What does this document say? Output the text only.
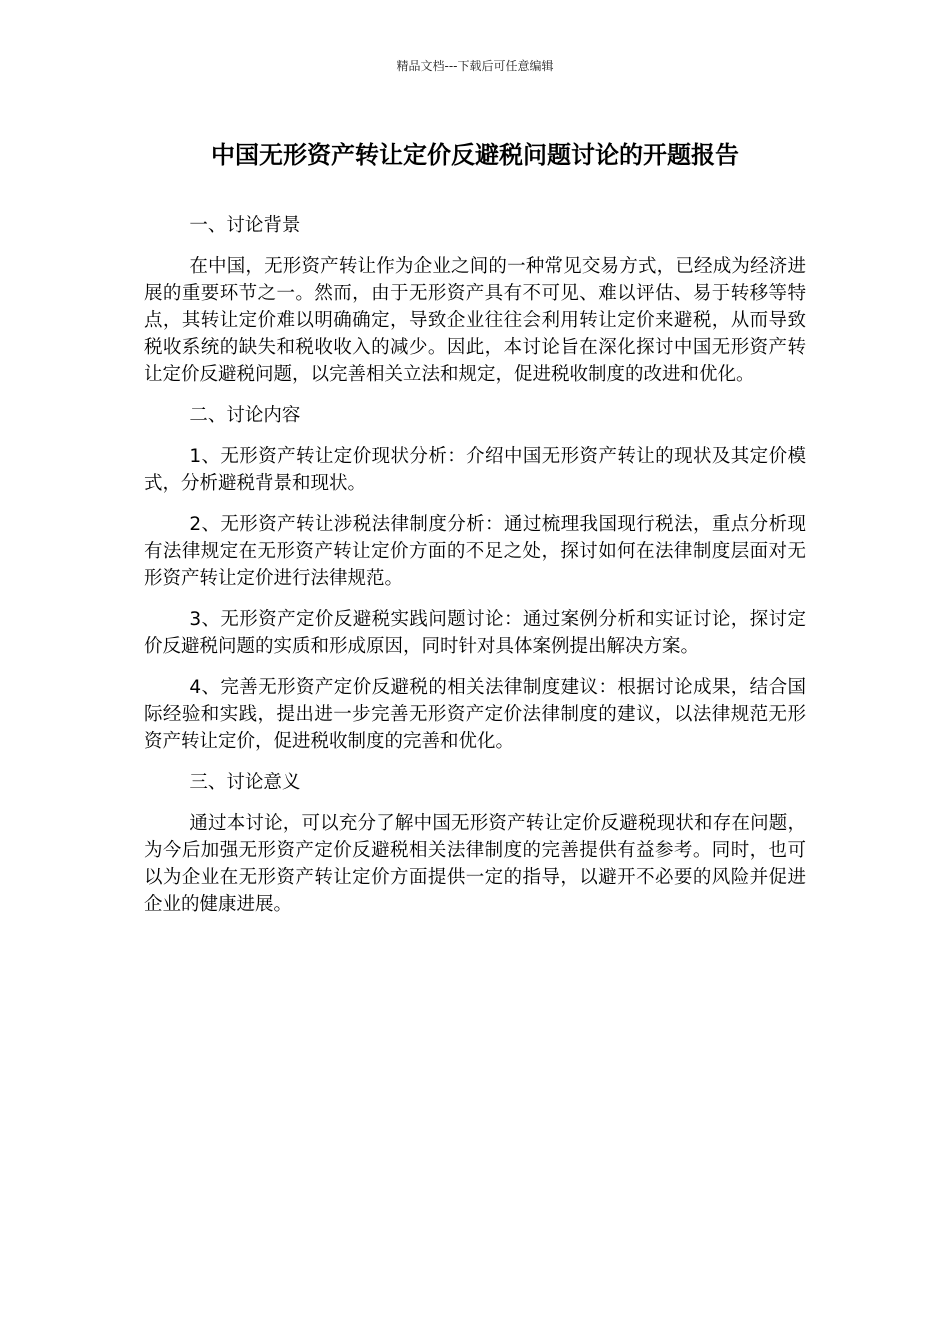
精品文档---下载后可任意编辑
中国无形资产转让定价反避税问题讨论的开题报告

一、讨论背景

在中国，无形资产转让作为企业之间的一种常见交易方式，已经成为经济进展的重要环节之一。然而，由于无形资产具有不可见、难以评估、易于转移等特点，其转让定价难以明确确定，导致企业往往会利用转让定价来避税，从而导致税收系统的缺失和税收收入的减少。因此，本讨论旨在深化探讨中国无形资产转让定价反避税问题，以完善相关立法和规定，促进税收制度的改进和优化。

二、讨论内容

1、无形资产转让定价现状分析：介绍中国无形资产转让的现状及其定价模式，分析避税背景和现状。

2、无形资产转让涉税法律制度分析：通过梳理我国现行税法，重点分析现有法律规定在无形资产转让定价方面的不足之处，探讨如何在法律制度层面对无形资产转让定价进行法律规范。

3、无形资产定价反避税实践问题讨论：通过案例分析和实证讨论，探讨定价反避税问题的实质和形成原因，同时针对具体案例提出解决方案。

4、完善无形资产定价反避税的相关法律制度建议：根据讨论成果，结合国际经验和实践，提出进一步完善无形资产定价法律制度的建议，以法律规范无形资产转让定价，促进税收制度的完善和优化。

三、讨论意义

通过本讨论，可以充分了解中国无形资产转让定价反避税现状和存在问题，为今后加强无形资产定价反避税相关法律制度的完善提供有益参考。同时，也可以为企业在无形资产转让定价方面提供一定的指导，以避开不必要的风险并促进企业的健康进展。
